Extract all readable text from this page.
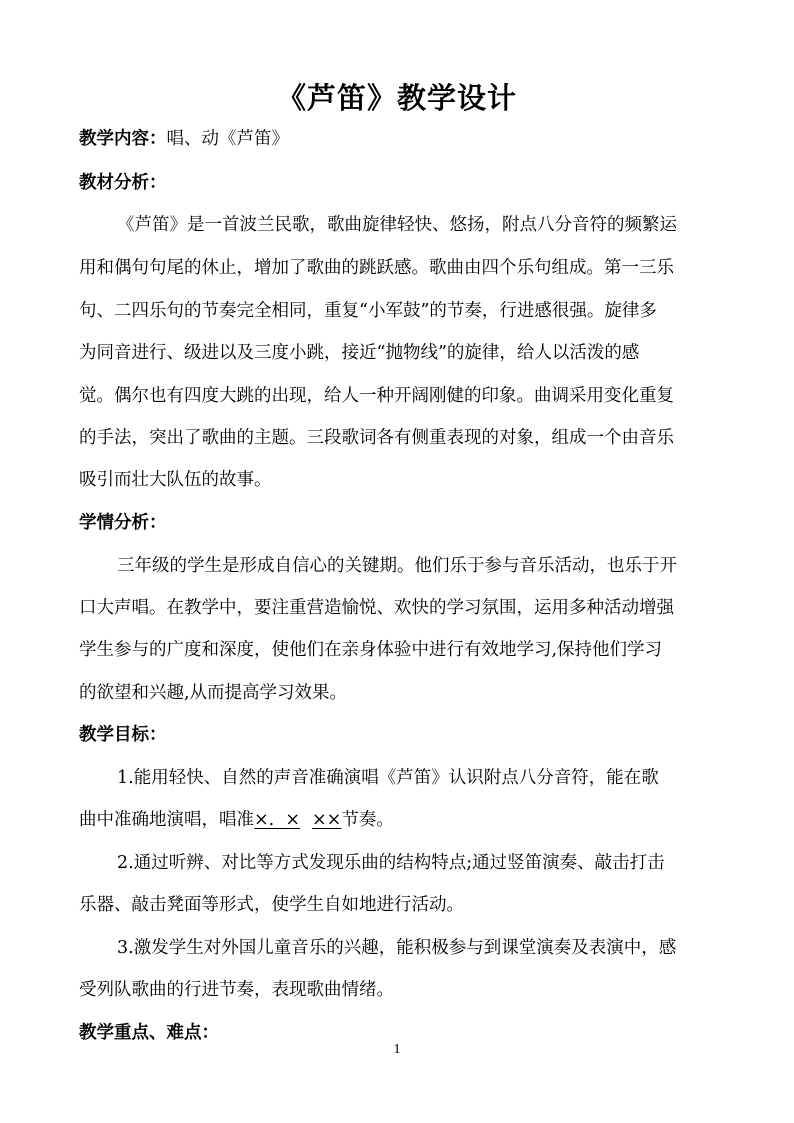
《芦笛》教学设计
教学内容：唱、动《芦笛》
教材分析：
《芦笛》是一首波兰民歌，歌曲旋律轻快、悠扬，附点八分音符的频繁运
用和偶句句尾的休止，增加了歌曲的跳跃感。歌曲由四个乐句组成。第一三乐
句、二四乐句的节奏完全相同，重复“小军鼓”的节奏，行进感很强。旋律多
为同音进行、级进以及三度小跳，接近“抛物线”的旋律，给人以活泼的感
觉。偶尔也有四度大跳的出现，给人一种开阔刚健的印象。曲调采用变化重复
的手法，突出了歌曲的主题。三段歌词各有侧重表现的对象，组成一个由音乐
吸引而壮大队伍的故事。
学情分析：
三年级的学生是形成自信心的关键期。他们乐于参与音乐活动，也乐于开
口大声唱。在教学中，要注重营造愉悦、欢快的学习氛围，运用多种活动增强
学生参与的广度和深度，使他们在亲身体验中进行有效地学习,保持他们学习
的欲望和兴趣,从而提高学习效果。
教学目标：
1.能用轻快、自然的声音准确演唱《芦笛》认识附点八分音符，能在歌
曲中准确地演唱，唱准×.  × ××节奏。
2.通过听辨、对比等方式发现乐曲的结构特点;通过竖笛演奏、敲击打击
乐器、敲击凳面等形式，使学生自如地进行活动。
3.激发学生对外国儿童音乐的兴趣，能积极参与到课堂演奏及表演中，感
受列队歌曲的行进节奏，表现歌曲情绪。
教学重点、难点：
1
